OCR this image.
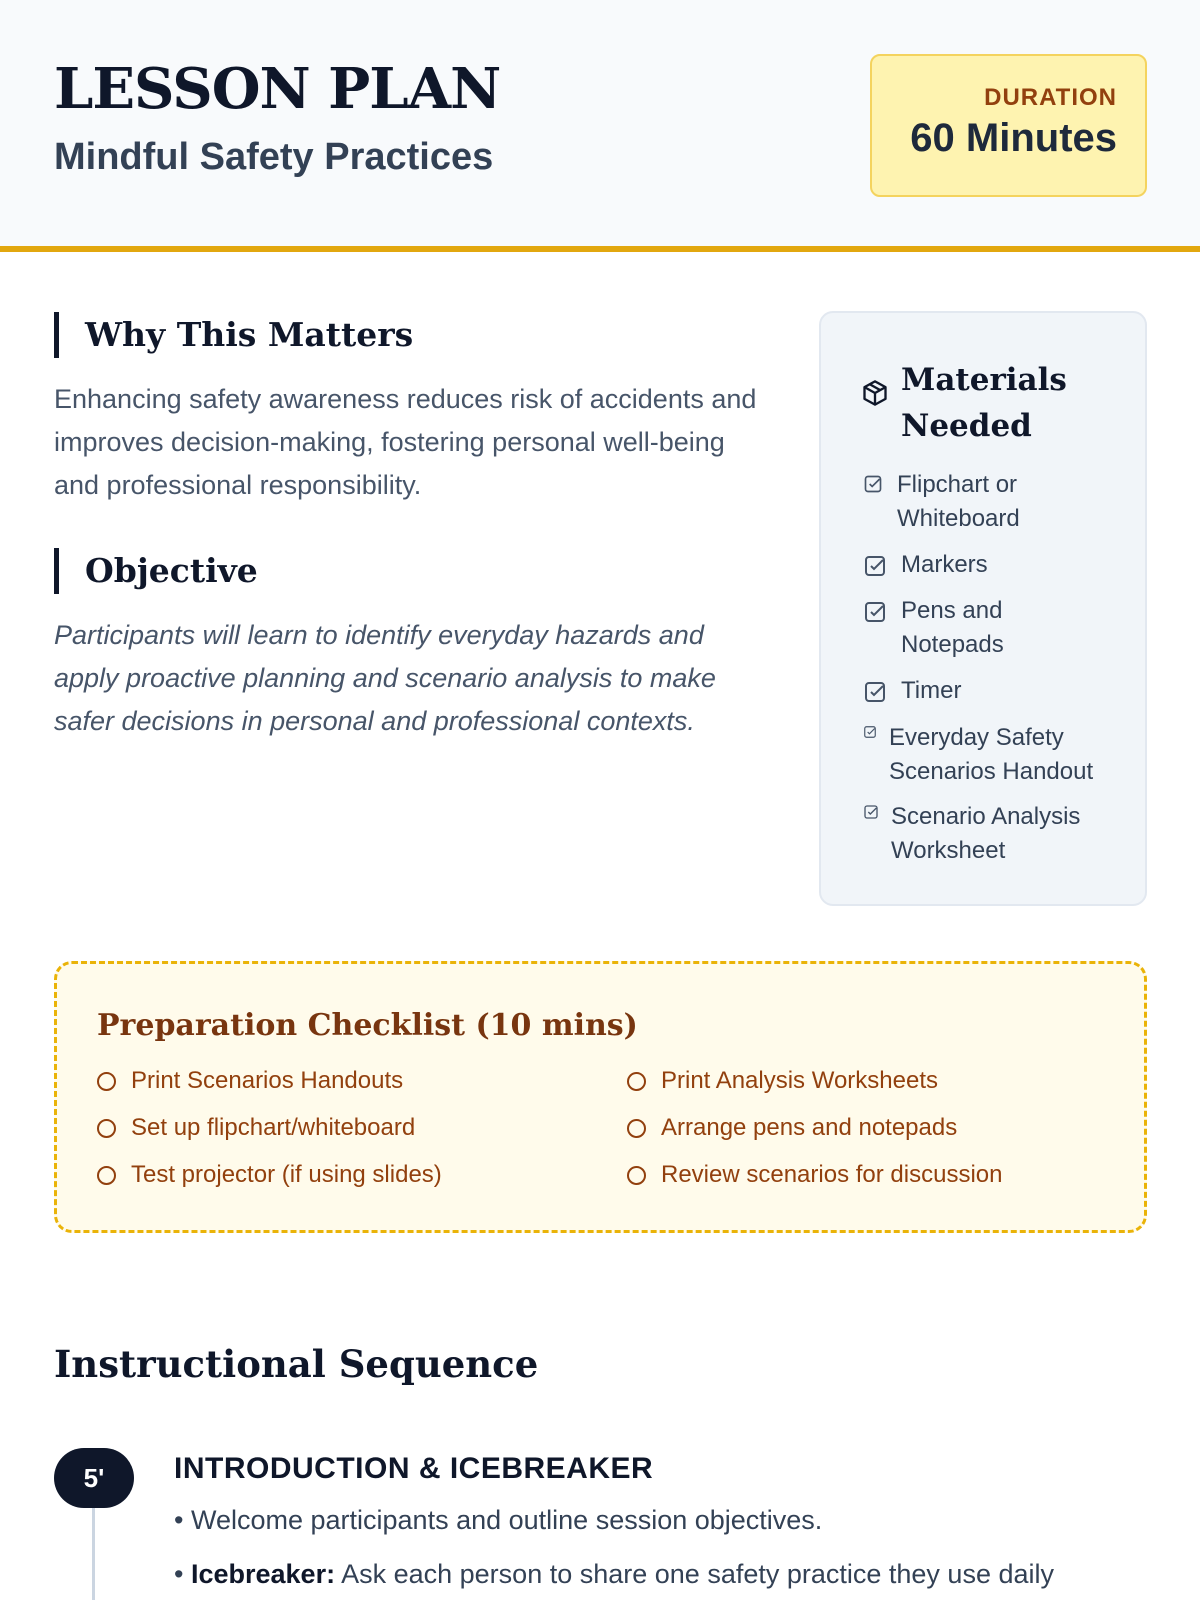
LESSON PLAN
Mindful Safety Practices
DURATION
60 Minutes
Why This Matters
Enhancing safety awareness reduces risk of accidents and improves decision-making, fostering personal well-being and professional responsibility.
Objective
Participants will learn to identify everyday hazards and apply proactive planning and scenario analysis to make safer decisions in personal and professional contexts.
Materials
Needed
Flipchart or Whiteboard
Markers
Pens and Notepads
Timer
Everyday Safety Scenarios Handout
Scenario Analysis Worksheet
Preparation Checklist (10 mins)
Print Scenarios Handouts	Print Analysis Worksheets
Set up flipchart/whiteboard	Arrange pens and notepads
Test projector (if using slides)	Review scenarios for discussion
Instructional Sequence
5'	INTRODUCTION & ICEBREAKER
• Welcome participants and outline session objectives.
• Icebreaker: Ask each person to share one safety practice they use daily
